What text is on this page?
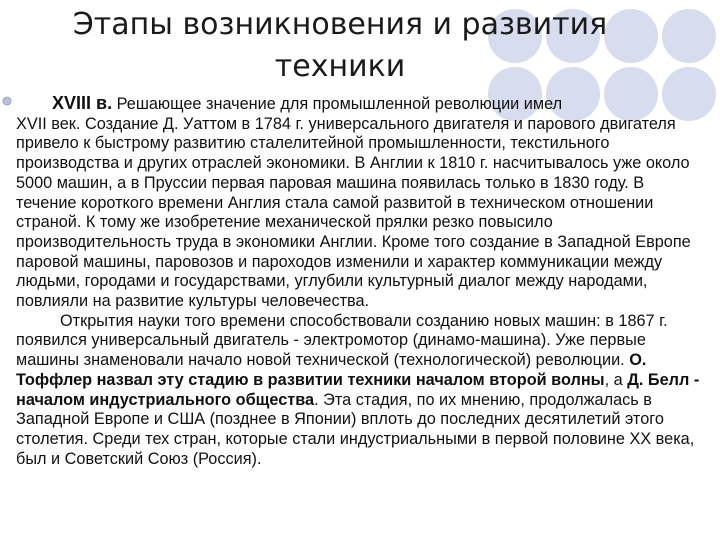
Этапы возникновения и развития
техники

XVIII в. Решающее значение для промышленной революции имел
XVII век. Создание Д. Уаттом в 1784 г. универсального двигателя и парового двигателя привело к быстрому развитию сталелитейной промышленности, текстильного производства и других отраслей экономики. В Англии к 1810 г. насчитывалось уже около 5000 машин, а в Пруссии первая паровая машина появилась только в 1830 году. В течение короткого времени Англия стала самой развитой в техническом отношении страной. К тому же изобретение механической прялки резко повысило производительность труда в экономики Англии. Кроме того создание в Западной Европе паровой машины, паровозов и пароходов изменили и характер коммуникации между людьми, городами и государствами, углубили культурный диалог между народами, повлияли на развитие культуры человечества.

Открытия науки того времени способствовали созданию новых машин: в 1867 г. появился универсальный двигатель - электромотор (динамо-машина). Уже первые машины знаменовали начало новой технической (технологической) революции. О. Тоффлер назвал эту стадию в развитии техники началом второй волны, а Д. Белл - началом индустриального общества. Эта стадия, по их мнению, продолжалась в Западной Европе и США (позднее в Японии) вплоть до последних десятилетий этого столетия. Среди тех стран, которые стали индустриальными в первой половине XX века, был и Советский Союз (Россия).
